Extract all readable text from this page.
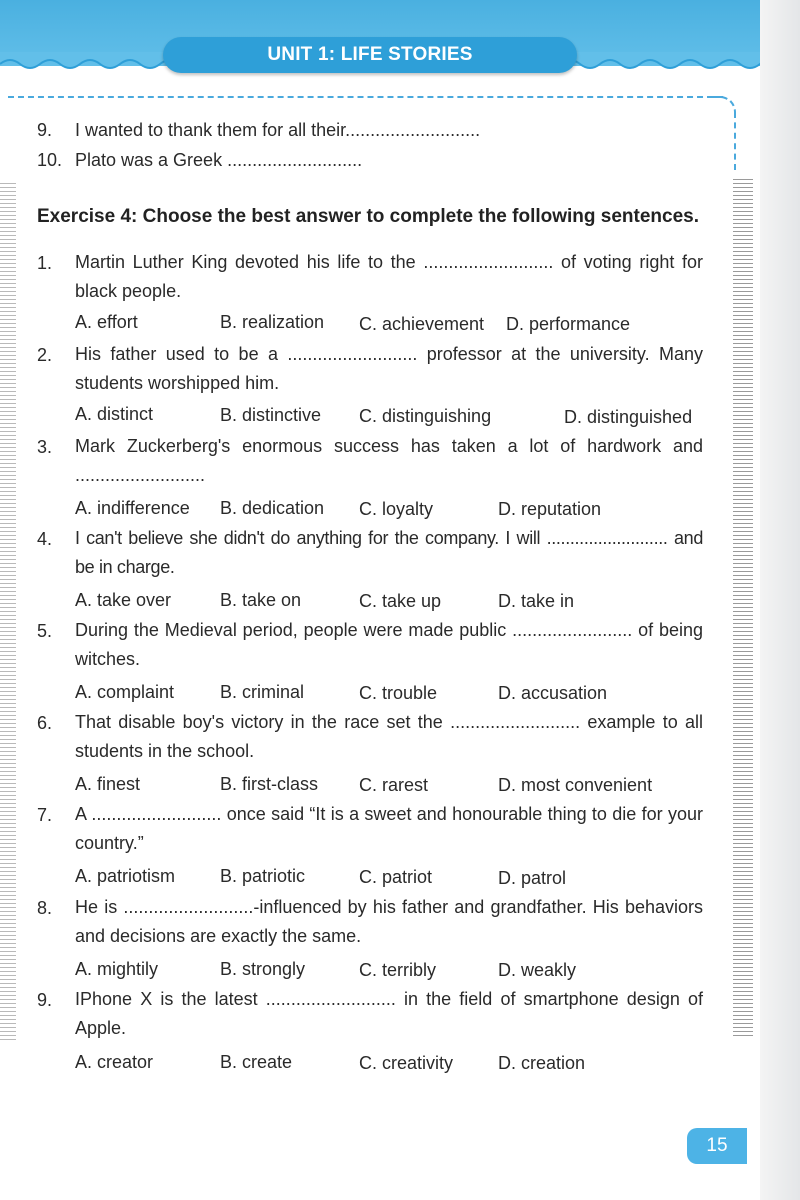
UNIT 1: LIFE STORIES
9. I wanted to thank them for all their...........................
10. Plato was a Greek ...........................
Exercise 4: Choose the best answer to complete the following sentences.
1. Martin Luther King devoted his life to the .......................... of voting right for black people.
A. effort	B. realization C. achievement D. performance
2. His father used to be a .......................... professor at the university. Many students worshipped him.
A. distinct	B. distinctive C. distinguishing	D. distinguished
3. Mark Zuckerberg's enormous success has taken a lot of hardwork and ..........................
A. indifference B. dedication C. loyalty	D. reputation
4. I can't believe she didn't do anything for the company. I will .......................... and be in charge.
A. take over	B. take on	C. take up	D. take in
5. During the Medieval period, people were made public ........................ of being witches.
A. complaint	B. criminal	C. trouble	D. accusation
6. That disable boy's victory in the race set the .......................... example to all students in the school.
A. finest	B. first-class C. rarest	D. most convenient
7. A .......................... once said “It is a sweet and honourable thing to die for your country.”
A. patriotism B. patriotic	C. patriot	D. patrol
8. He is ..........................-influenced by his father and grandfather. His behaviors and decisions are exactly the same.
A. mightily	B. strongly	C. terribly	D. weakly
9. IPhone X is the latest .......................... in the field of smartphone design of Apple.
A. creator	B. create	C. creativity D. creation
15
